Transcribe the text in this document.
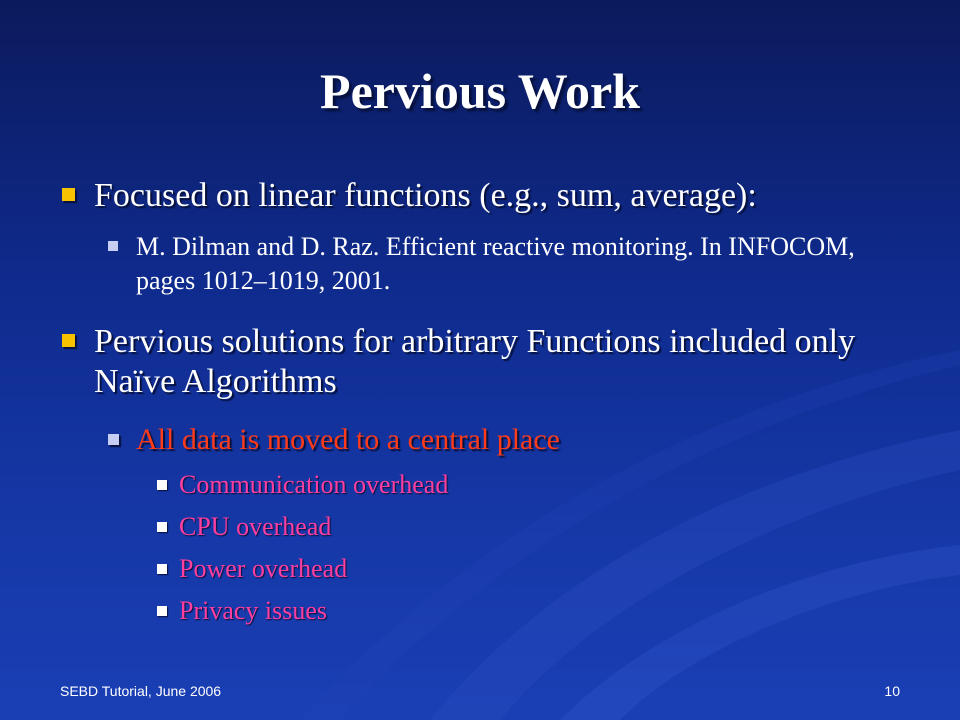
Pervious Work
Focused on linear functions (e.g., sum, average):
M. Dilman and D. Raz. Efficient reactive monitoring. In INFOCOM, pages 1012–1019, 2001.
Pervious solutions for arbitrary Functions included only Naïve Algorithms
All data is moved to a central place
Communication overhead
CPU overhead
Power overhead
Privacy issues
SEBD Tutorial, June 2006	10
